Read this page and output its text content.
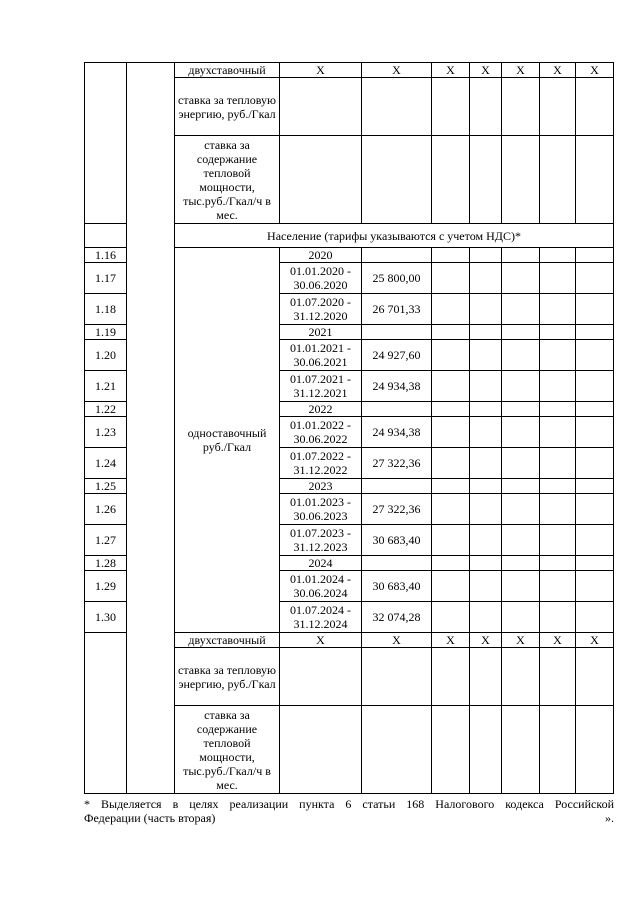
		двухставочный	X	X	X	X	X	X	X
		ставка за тепловую энергию, руб./Гкал							
		ставка за содержание тепловой мощности, тыс.руб./Гкал/ч в мес.							
		Население (тарифы указываются с учетом НДС)*							
1.16		одноставочный руб./Гкал	2020						
1.17			01.01.2020 - 30.06.2020	25 800,00					
1.18			01.07.2020 - 31.12.2020	26 701,33					
1.19			2021						
1.20			01.01.2021 - 30.06.2021	24 927,60					
1.21			01.07.2021 - 31.12.2021	24 934,38					
1.22			2022						
1.23			01.01.2022 - 30.06.2022	24 934,38					
1.24			01.07.2022 - 31.12.2022	27 322,36					
1.25			2023						
1.26			01.01.2023 - 30.06.2023	27 322,36					
1.27			01.07.2023 - 31.12.2023	30 683,40					
1.28			2024						
1.29			01.01.2024 - 30.06.2024	30 683,40					
1.30			01.07.2024 - 31.12.2024	32 074,28					
		двухставочный	X	X	X	X	X	X	X
		ставка за тепловую энергию, руб./Гкал							
		ставка за содержание тепловой мощности, тыс.руб./Гкал/ч в мес.							
* Выделяется в целях реализации пункта 6 статьи 168 Налогового кодекса Российской
Федерации (часть вторая)	».
